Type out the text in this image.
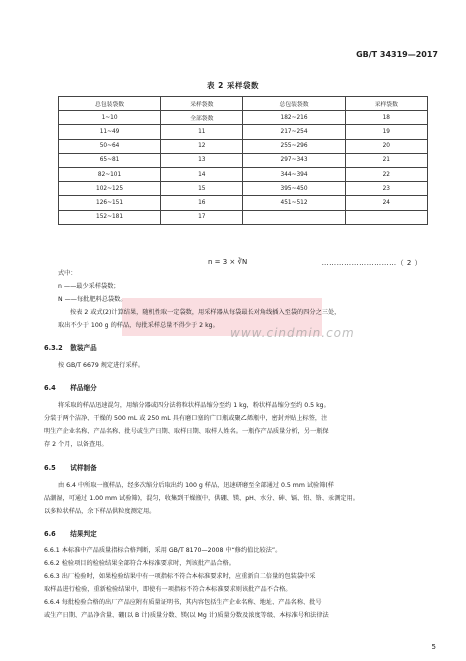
GB/T 34319—2017
表 2 采样袋数
总包装袋数	采样袋数	总包装袋数	采样袋数
1~10	全部袋数	182~216	18
11~49	11	217~254	19
50~64	12	255~296	20
65~81	13	297~343	21
82~101	14	344~394	22
102~125	15	395~450	23
126~151	16	451~512	24
152~181	17		
n = 3 × ∛N	…………………………（ 2 ）
式中：
n ——最少采样袋数；
N ——每批肥料总袋数。
www.cindmin.com
按表 2 或式(2)计算结果，随机性取一定袋数，用采样器从每袋最长对角线插入至袋的四分之三处，
取出不少于 100 g 的样品，每批采样总量不得少于 2 kg。
6.3.2 散装产品
按 GB/T 6679 规定进行采样。
6.4 样品缩分
将采取的样品迅速混匀，用缩分器或四分法将粒状样品缩分至约 1 kg，粉状样品缩分至约 0.5 kg。
分装于两个洁净、干燥的 500 mL 或 250 mL 具有磨口塞的广口瓶或聚乙烯瓶中，密封并贴上标签，注
明生产企业名称、产品名称、批号或生产日期、取样日期、取样人姓名。一瓶作产品质量分析，另一瓶保
存 2 个月，以备查用。
6.5 试样制备
由 6.4 中所取一瓶样品，经多次缩分后取出约 100 g 样品，迅速研磨至全部通过 0.5 mm 试验筛(样
品潮湿，可通过 1.00 mm 试验筛)，混匀，收集到干燥瓶中，供硼、镁、pH、水分、砷、镉、铅、铬、汞测定用。
以多粒状样品，余下样品供粒度测定用。
6.6 结果判定
6.6.1 本标准中产品质量指标合格判断，采用 GB/T 8170—2008 中“修约值比较法”。
6.6.2 检验项目的检验结果全部符合本标准要求时，判该批产品合格。
6.6.3 出厂检验时，如果检验结果中有一项指标不符合本标准要求时，应重新自二倍量的包装袋中采
取样品进行检验，重新检验结果中，即使有一项指标不符合本标准要求则该批产品不合格。
6.6.4 每批检验合格的出厂产品应附有质量证明书，其内容包括生产企业名称、地址、产品名称、批号
或生产日期、产品净含量、硼(以 B 计)质量分数、镁(以 Mg 计)质量分数及浓度等级、本标准号和法律法
5
